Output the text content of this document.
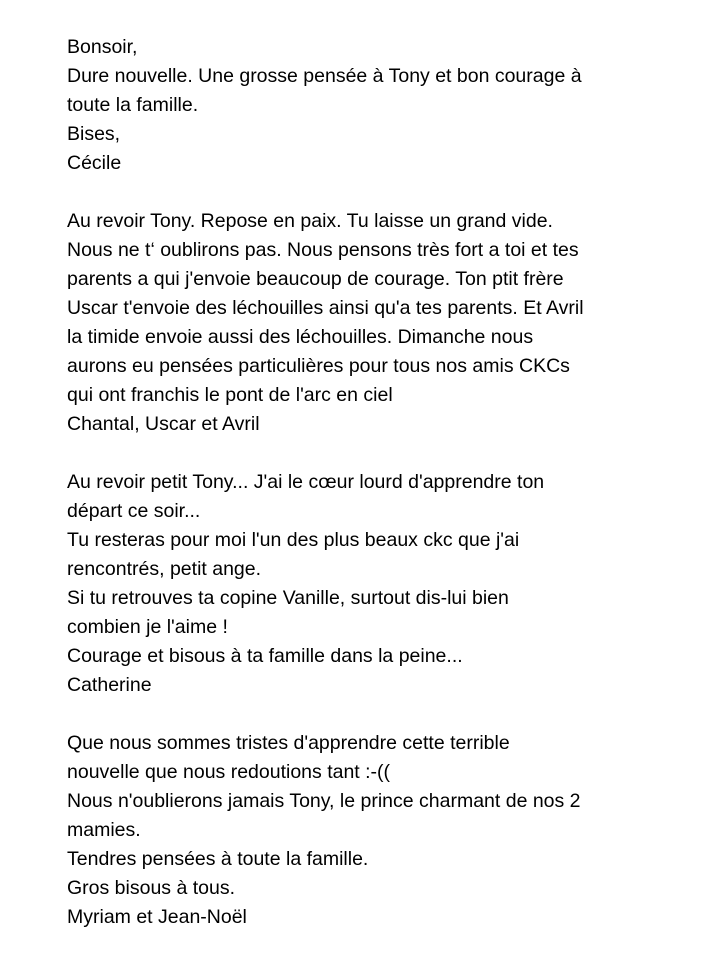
Bonsoir,
Dure nouvelle. Une grosse pensée à Tony et bon courage à
toute la famille.
Bises,
Cécile
Au revoir Tony. Repose en paix. Tu laisse un grand vide.
Nous ne t‘ oublirons pas. Nous pensons très fort a toi et tes
parents a qui j'envoie beaucoup de courage. Ton ptit frère
Uscar t'envoie des léchouilles ainsi qu'a tes parents. Et Avril
la timide envoie aussi des léchouilles. Dimanche nous
aurons eu pensées particulières pour tous nos amis CKCs
qui ont franchis le pont de l'arc en ciel
Chantal, Uscar et Avril
Au revoir petit Tony... J'ai le cœur lourd d'apprendre ton
départ ce soir...
Tu resteras pour moi l'un des plus beaux ckc que j'ai
rencontrés, petit ange.
Si tu retrouves ta copine Vanille, surtout dis-lui bien
combien je l'aime !
Courage et bisous à ta famille dans la peine...
Catherine
Que nous sommes tristes d'apprendre cette terrible
nouvelle que nous redoutions tant :-((
Nous n'oublierons jamais Tony, le prince charmant de nos 2
mamies.
Tendres pensées à toute la famille.
Gros bisous à tous.
Myriam et Jean-Noël
